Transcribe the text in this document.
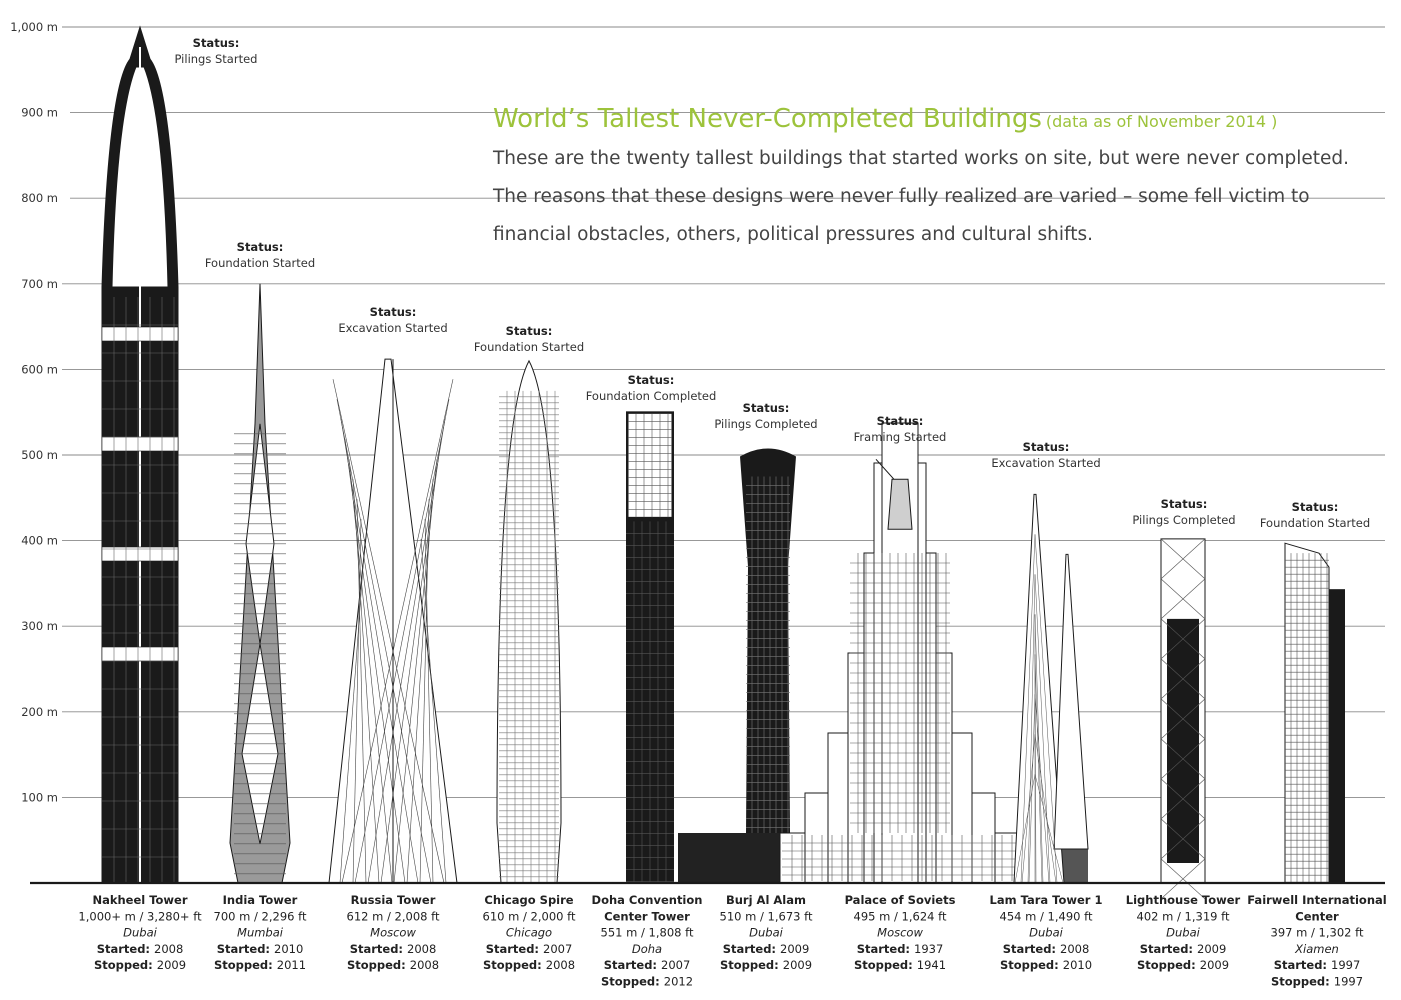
100 m
200 m
300 m
400 m
500 m
600 m
700 m
800 m
900 m
1,000 m
Status:
Pilings Started
Status:
Foundation Started
Status:
Excavation Started	Status:
Foundation Started
Status:
Foundation Completed
Status:
Pilings Completed	Status:
Framing Started
Status:
Excavation Started
Status:
Pilings Completed
Status:
Foundation Started
Nakheel Tower
1,000+ m / 3,280+ ft
Dubai
Started: 2008
Stopped: 2009
India Tower
700 m / 2,296 ft
Mumbai
Started: 2010
Stopped: 2011
Russia Tower
612 m / 2,008 ft
Moscow
Started: 2008
Stopped: 2008
Chicago Spire
610 m / 2,000 ft
Chicago
Started: 2007
Stopped: 2008
Doha Convention
Center Tower
551 m / 1,808 ft
Doha
Started: 2007
Stopped: 2012
Burj Al Alam
510 m / 1,673 ft
Dubai
Started: 2009
Stopped: 2009
Palace of Soviets
495 m / 1,624 ft
Moscow
Started: 1937
Stopped: 1941
Lam Tara Tower 1
454 m / 1,490 ft
Dubai
Started: 2008
Stopped: 2010
Lighthouse Tower
402 m / 1,319 ft
Dubai
Started: 2009
Stopped: 2009
Fairwell International
Center
397 m / 1,302 ft
Xiamen
Started: 1997
Stopped: 1997
World’s Tallest Never-Completed Buildings (data as of November 2014 )
These are the twenty tallest buildings that started works on site, but were never completed.
The reasons that these designs were never fully realized are varied – some fell victim to
financial obstacles, others, political pressures and cultural shifts.
